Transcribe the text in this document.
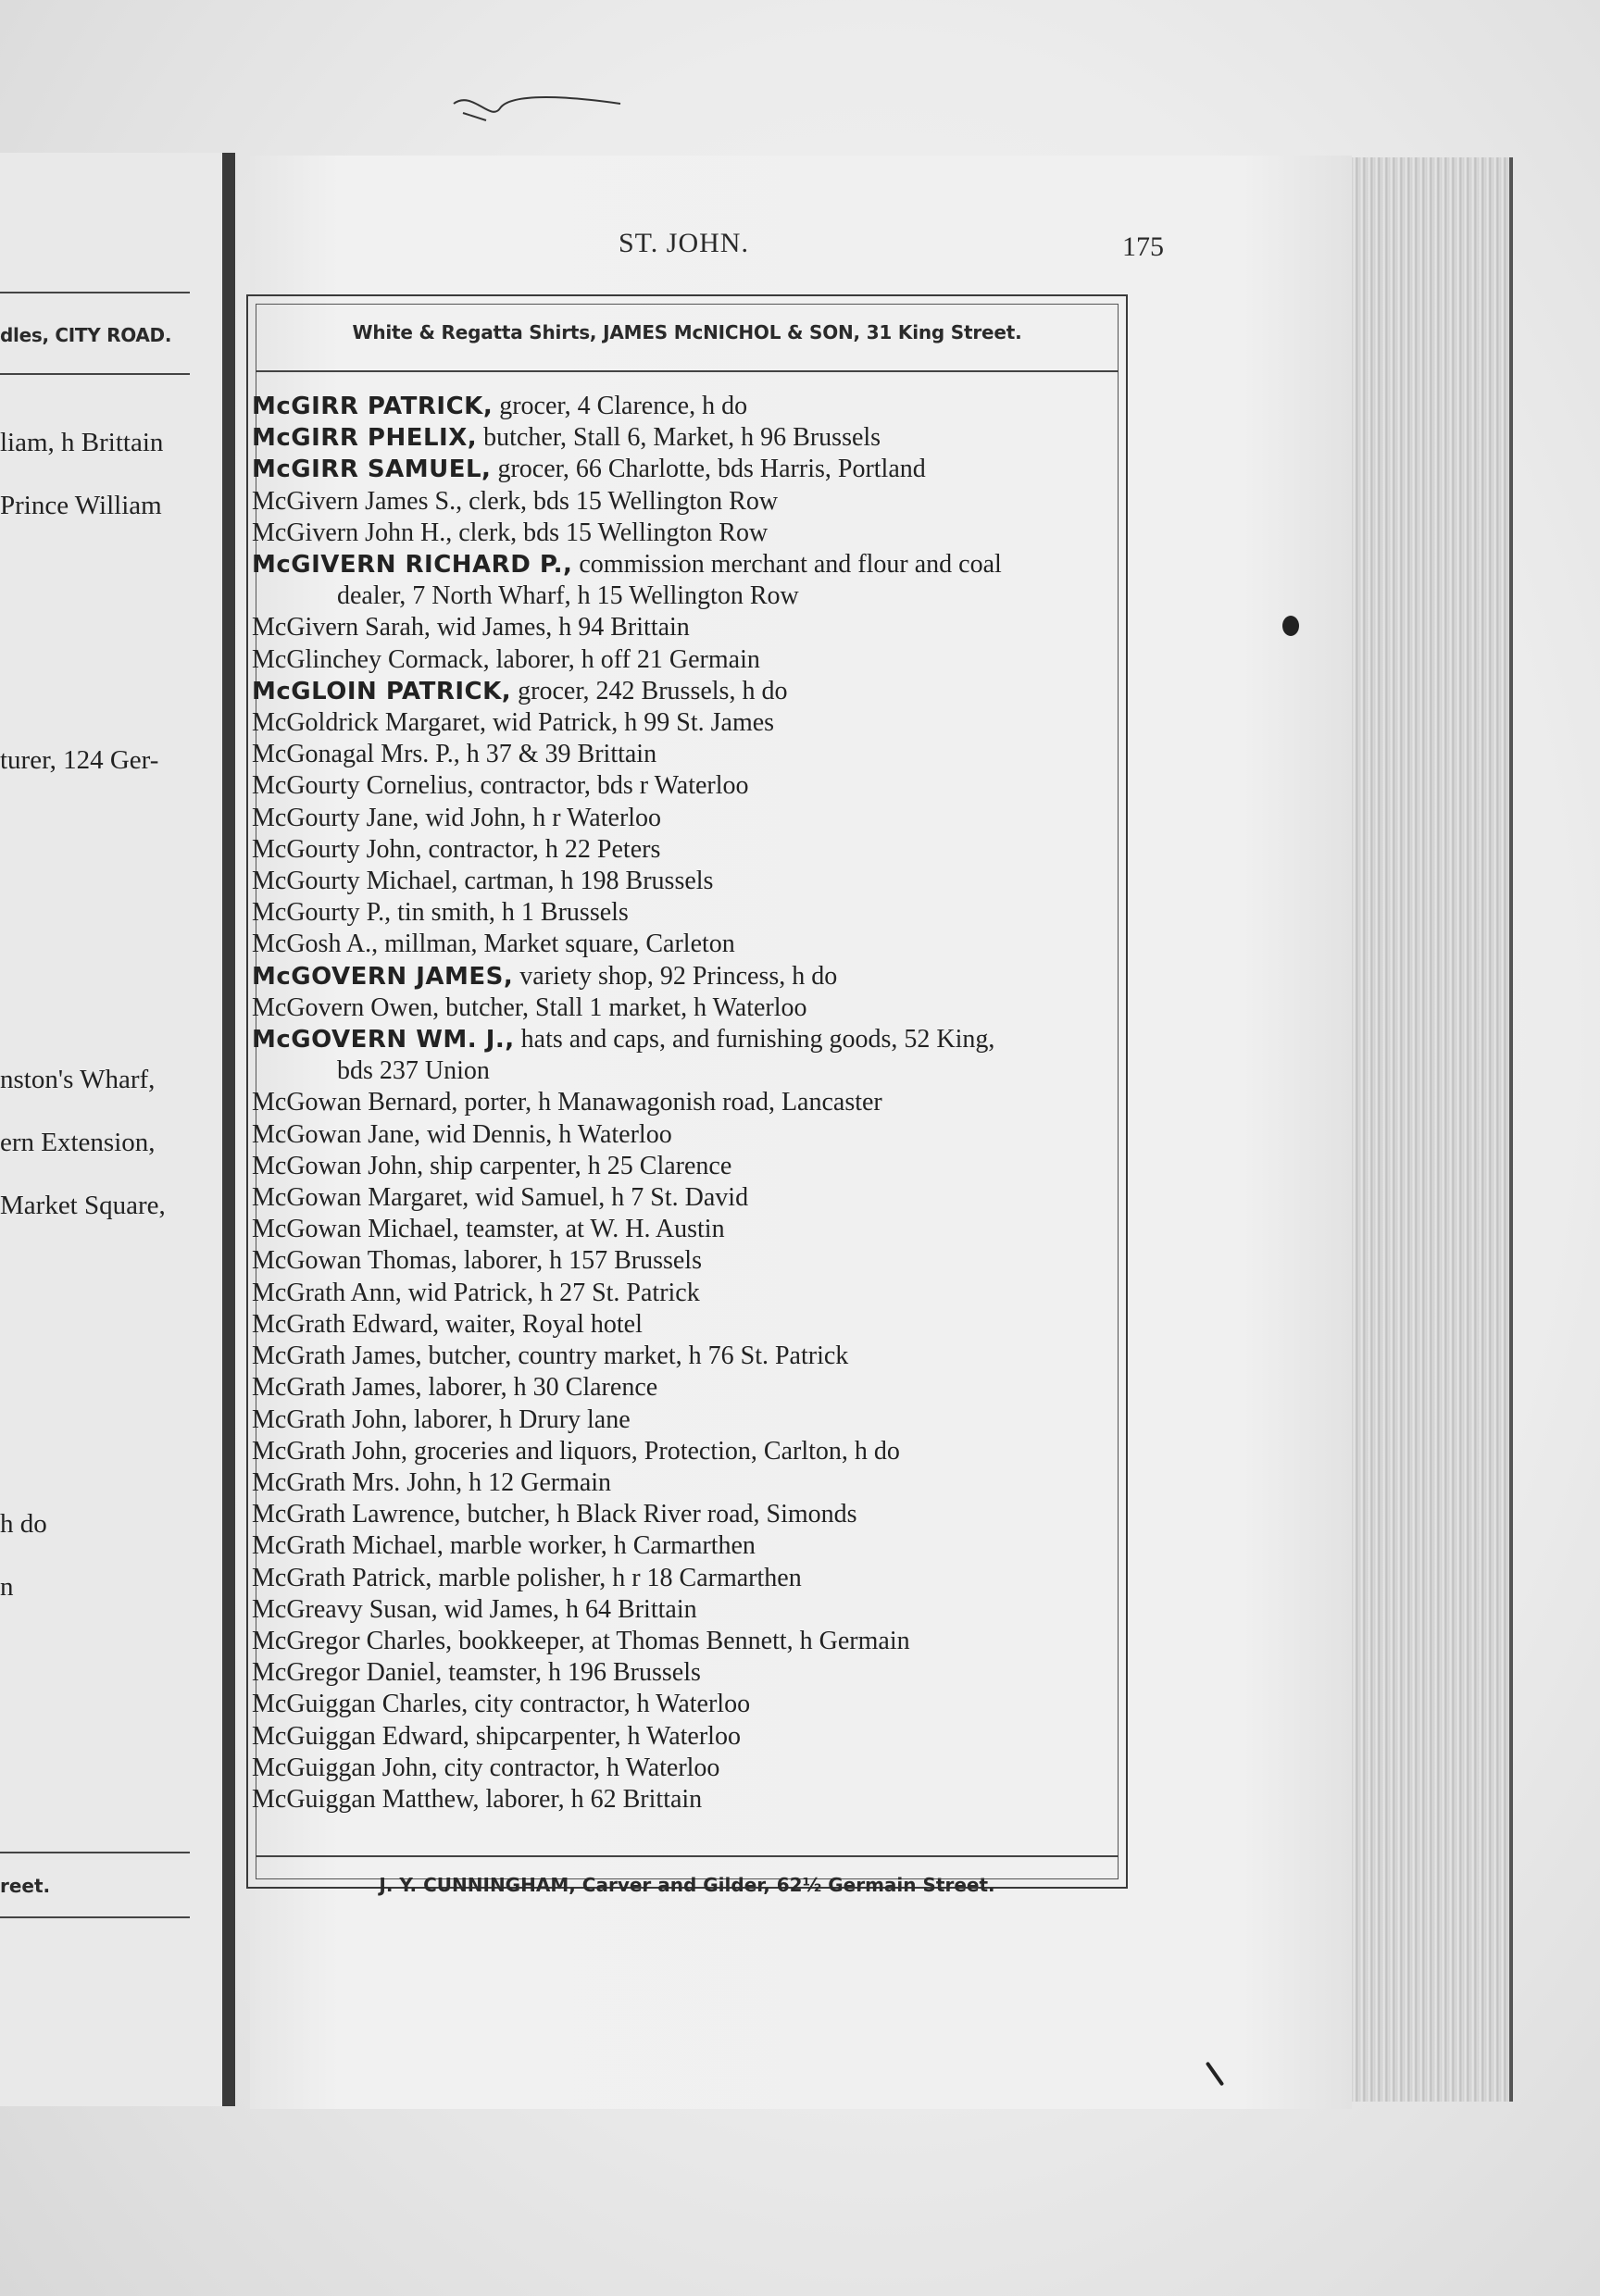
dles, CITY ROAD.
liam, h Brittain
Prince William
turer, 124 Ger-
nston's Wharf,
ern Extension,
Market Square,
h do
n
reet.
ST. JOHN.	175
White & Regatta Shirts, JAMES McNICHOL & SON, 31 King Street.
McGIRR PATRICK, grocer, 4 Clarence, h do
McGIRR PHELIX, butcher, Stall 6, Market, h 96 Brussels
McGIRR SAMUEL, grocer, 66 Charlotte, bds Harris, Portland
McGivern James S., clerk, bds 15 Wellington Row
McGivern John H., clerk, bds 15 Wellington Row
McGIVERN RICHARD P., commission merchant and flour and coal
dealer, 7 North Wharf, h 15 Wellington Row
McGivern Sarah, wid James, h 94 Brittain
McGlinchey Cormack, laborer, h off 21 Germain
McGLOIN PATRICK, grocer, 242 Brussels, h do
McGoldrick Margaret, wid Patrick, h 99 St. James
McGonagal Mrs. P., h 37 & 39 Brittain
McGourty Cornelius, contractor, bds r Waterloo
McGourty Jane, wid John, h r Waterloo
McGourty John, contractor, h 22 Peters
McGourty Michael, cartman, h 198 Brussels
McGourty P., tin smith, h 1 Brussels
McGosh A., millman, Market square, Carleton
McGOVERN JAMES, variety shop, 92 Princess, h do
McGovern Owen, butcher, Stall 1 market, h Waterloo
McGOVERN WM. J., hats and caps, and furnishing goods, 52 King,
bds 237 Union
McGowan Bernard, porter, h Manawagonish road, Lancaster
McGowan Jane, wid Dennis, h Waterloo
McGowan John, ship carpenter, h 25 Clarence
McGowan Margaret, wid Samuel, h 7 St. David
McGowan Michael, teamster, at W. H. Austin
McGowan Thomas, laborer, h 157 Brussels
McGrath Ann, wid Patrick, h 27 St. Patrick
McGrath Edward, waiter, Royal hotel
McGrath James, butcher, country market, h 76 St. Patrick
McGrath James, laborer, h 30 Clarence
McGrath John, laborer, h Drury lane
McGrath John, groceries and liquors, Protection, Carlton, h do
McGrath Mrs. John, h 12 Germain
McGrath Lawrence, butcher, h Black River road, Simonds
McGrath Michael, marble worker, h Carmarthen
McGrath Patrick, marble polisher, h r 18 Carmarthen
McGreavy Susan, wid James, h 64 Brittain
McGregor Charles, bookkeeper, at Thomas Bennett, h Germain
McGregor Daniel, teamster, h 196 Brussels
McGuiggan Charles, city contractor, h Waterloo
McGuiggan Edward, shipcarpenter, h Waterloo
McGuiggan John, city contractor, h Waterloo
McGuiggan Matthew, laborer, h 62 Brittain
J. Y. CUNNINGHAM, Carver and Gilder, 62½ Germain Street.
